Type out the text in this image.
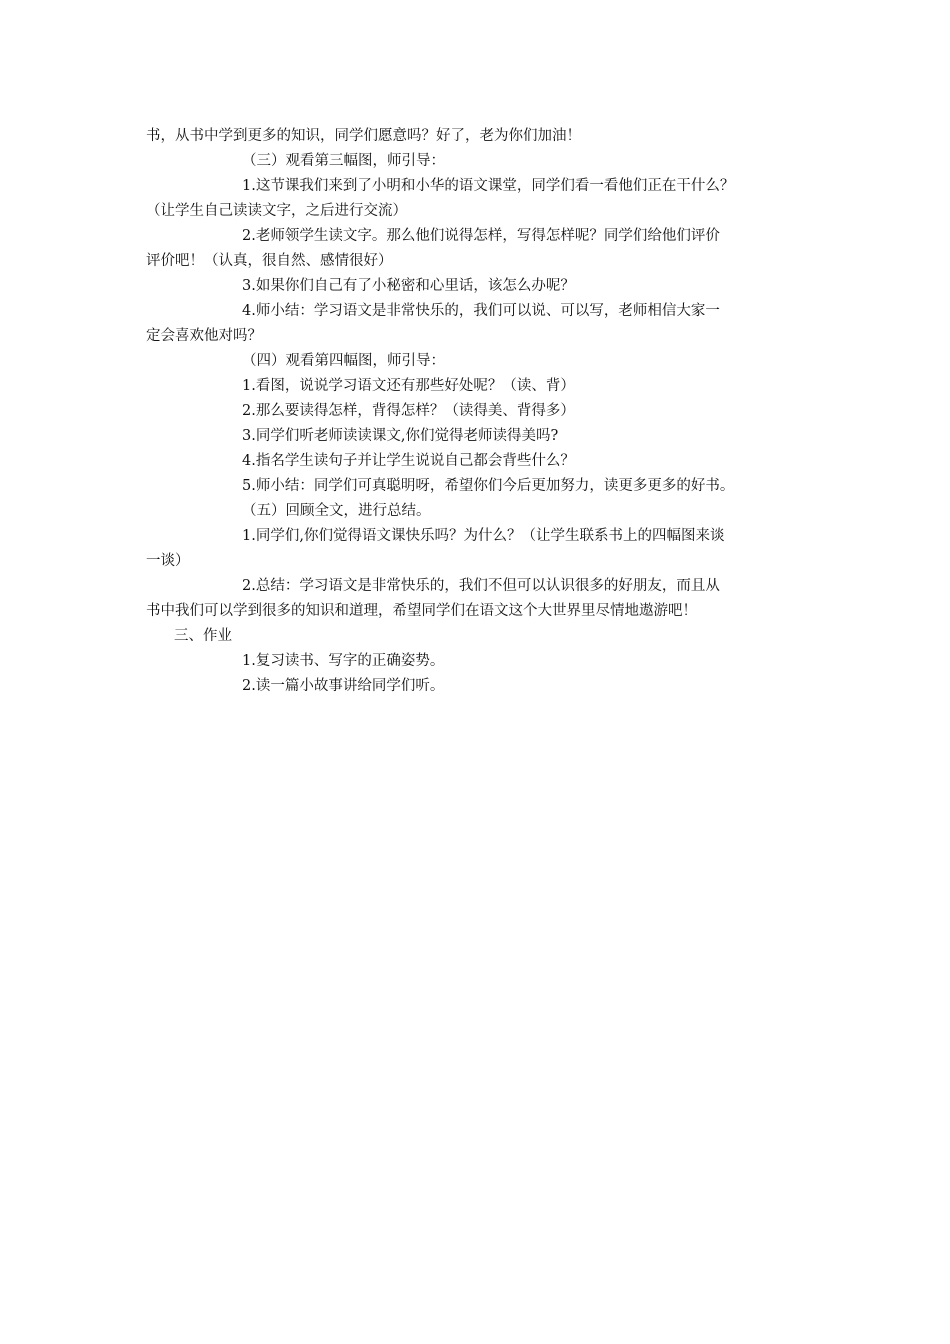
书，从书中学到更多的知识，同学们愿意吗？好了，老为你们加油！
（三）观看第三幅图，师引导：
1.这节课我们来到了小明和小华的语文课堂，同学们看一看他们正在干什么？
（让学生自己读读文字，之后进行交流）
2.老师领学生读文字。那么他们说得怎样，写得怎样呢？同学们给他们评价
评价吧！（认真，很自然、感情很好）
3.如果你们自己有了小秘密和心里话，该怎么办呢？
4.师小结：学习语文是非常快乐的，我们可以说、可以写，老师相信大家一
定会喜欢他对吗？
（四）观看第四幅图，师引导：
1.看图，说说学习语文还有那些好处呢？（读、背）
2.那么要读得怎样，背得怎样？（读得美、背得多）
3.同学们听老师读读课文,你们觉得老师读得美吗?
4.指名学生读句子并让学生说说自己都会背些什么？
5.师小结：同学们可真聪明呀，希望你们今后更加努力，读更多更多的好书。
（五）回顾全文，进行总结。
1.同学们,你们觉得语文课快乐吗？为什么？（让学生联系书上的四幅图来谈
一谈）
2.总结：学习语文是非常快乐的，我们不但可以认识很多的好朋友，而且从
书中我们可以学到很多的知识和道理，希望同学们在语文这个大世界里尽情地遨游吧！
三、作业
1.复习读书、写字的正确姿势。
2.读一篇小故事讲给同学们听。
